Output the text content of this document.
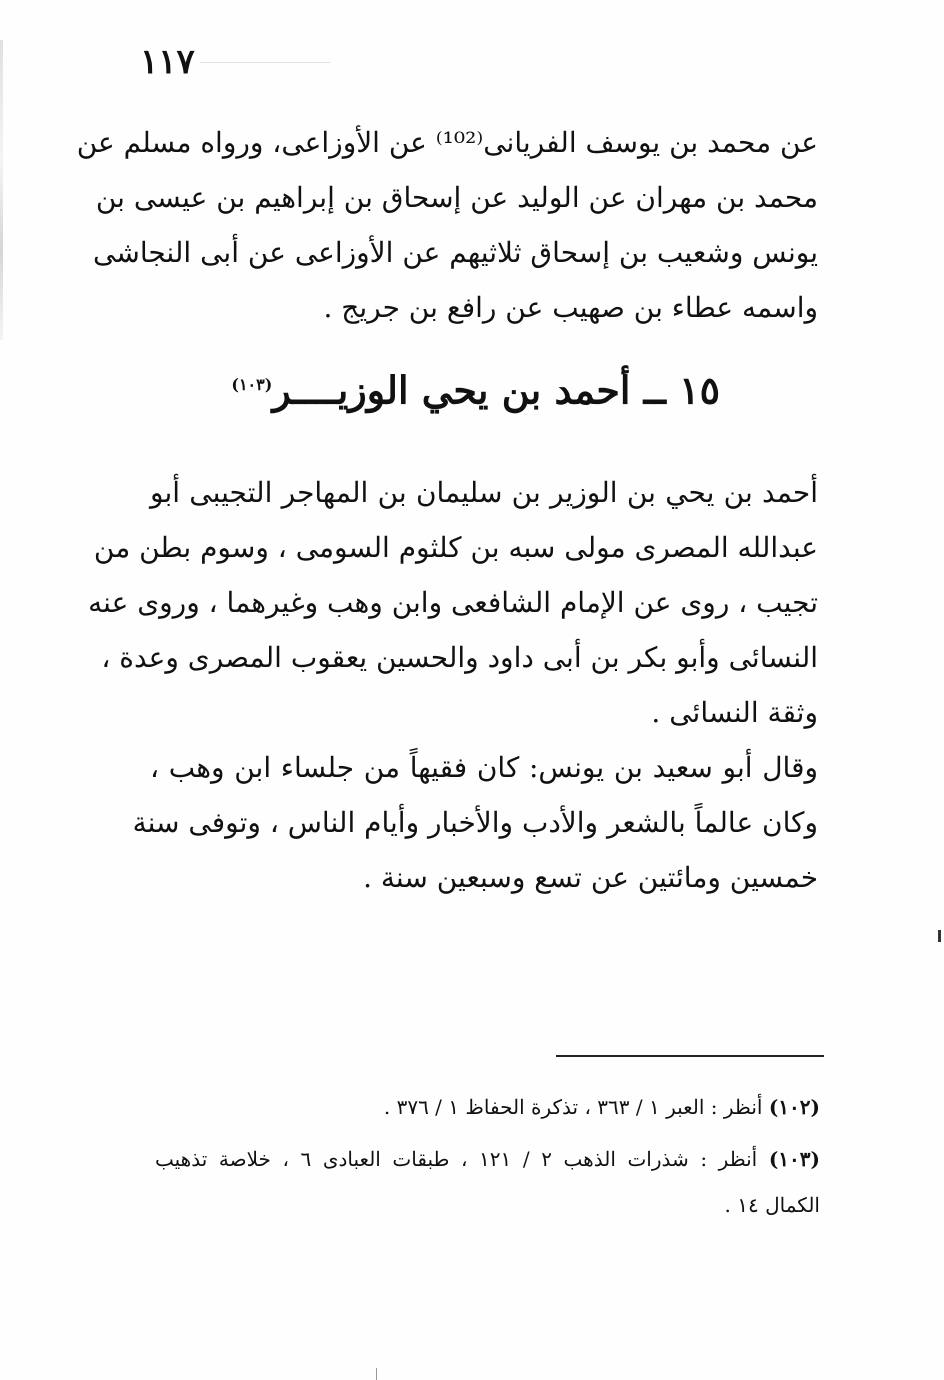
١١٧

عن محمد بن يوسف الفريانى⁽¹⁰²⁾ عن الأوزاعى، ورواه مسلم عن
محمد بن مهران عن الوليد عن إسحاق بن إبراهيم بن عيسى بن
يونس وشعيب بن إسحاق ثلاثيهم عن الأوزاعى عن أبى النجاشى
واسمه عطاء بن صهيب عن رافع بن جريج .

١٥ ــ أحمد بن يحي الوزيــــر$^{(١٠٣)}$

أحمد بن يحي بن الوزير بن سليمان بن المهاجر التجيبى أبو
عبدالله المصرى مولى سبه بن كلثوم السومى ، وسوم بطن من
تجيب ، روى عن الإمام الشافعى وابن وهب وغيرهما ، وروى عنه
النسائى وأبو بكر بن أبى داود والحسين يعقوب المصرى وعدة ،
وثقة النسائى .

وقال أبو سعيد بن يونس: كان فقيهاً من جلساء ابن وهب ،
وكان عالماً بالشعر والأدب والأخبار وأيام الناس ، وتوفى سنة
خمسين ومائتين عن تسع وسبعين سنة .

(١٠٢) أنظر : العبر ١ / ٣٦٣ ، تذكرة الحفاظ ١ / ٣٧٦ .
(١٠٣) أنظر : شذرات الذهب ٢ / ١٢١ ، طبقات العبادى ٦ ، خلاصة تذهيب
الكمال ١٤ .
